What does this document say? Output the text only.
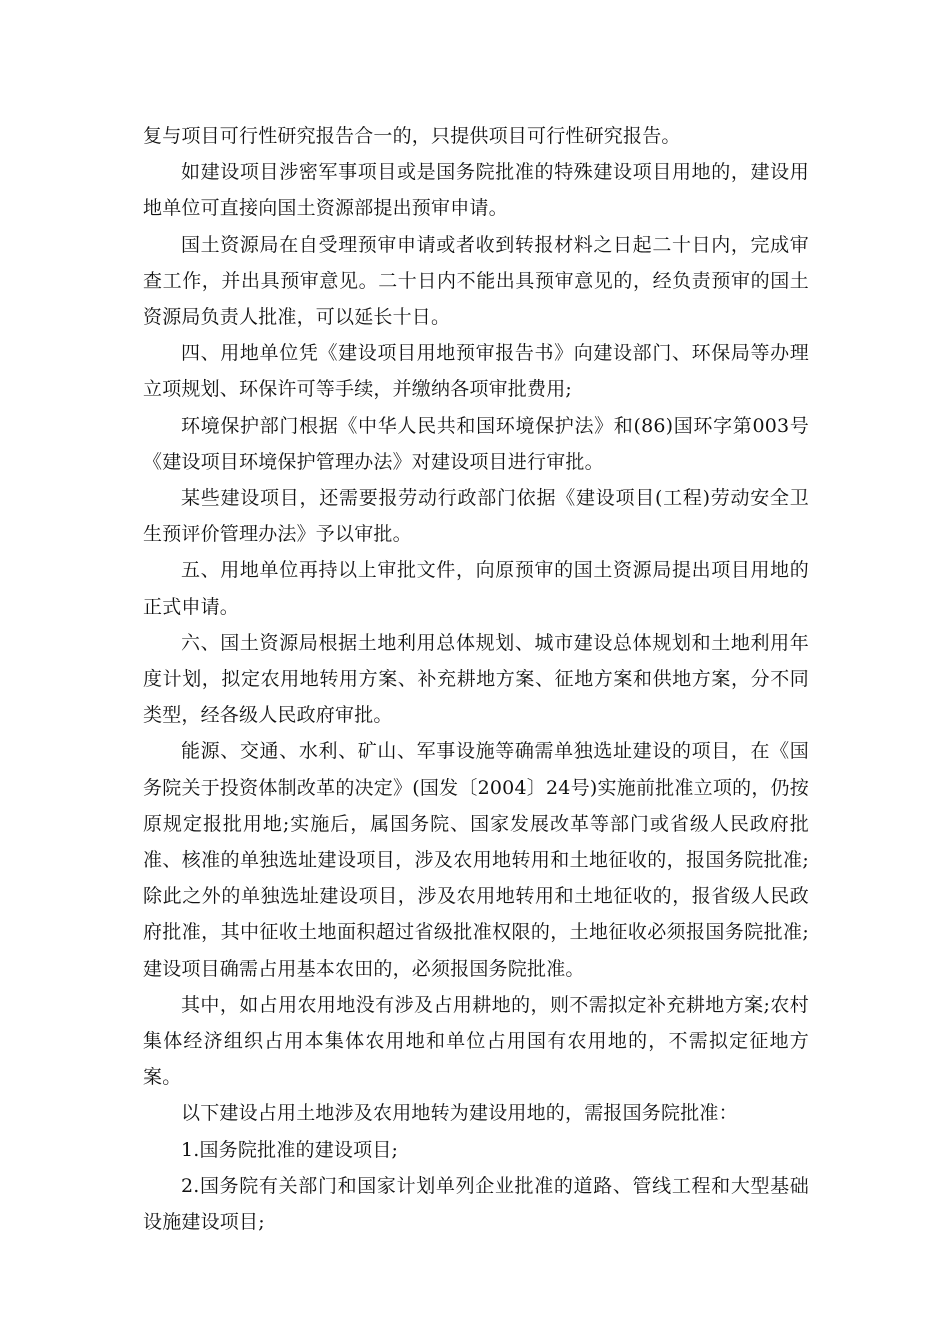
复与项目可行性研究报告合一的，只提供项目可行性研究报告。

如建设项目涉密军事项目或是国务院批准的特殊建设项目用地的，建设用地单位可直接向国土资源部提出预审申请。

国土资源局在自受理预审申请或者收到转报材料之日起二十日内，完成审查工作，并出具预审意见。二十日内不能出具预审意见的，经负责预审的国土资源局负责人批准，可以延长十日。

四、用地单位凭《建设项目用地预审报告书》向建设部门、环保局等办理立项规划、环保许可等手续，并缴纳各项审批费用;

环境保护部门根据《中华人民共和国环境保护法》和(86)国环字第003号《建设项目环境保护管理办法》对建设项目进行审批。

某些建设项目，还需要报劳动行政部门依据《建设项目(工程)劳动安全卫生预评价管理办法》予以审批。

五、用地单位再持以上审批文件，向原预审的国土资源局提出项目用地的正式申请。

六、国土资源局根据土地利用总体规划、城市建设总体规划和土地利用年度计划，拟定农用地转用方案、补充耕地方案、征地方案和供地方案，分不同类型，经各级人民政府审批。

能源、交通、水利、矿山、军事设施等确需单独选址建设的项目，在《国务院关于投资体制改革的决定》(国发〔2004〕24号)实施前批准立项的，仍按原规定报批用地;实施后，属国务院、国家发展改革等部门或省级人民政府批准、核准的单独选址建设项目，涉及农用地转用和土地征收的，报国务院批准;除此之外的单独选址建设项目，涉及农用地转用和土地征收的，报省级人民政府批准，其中征收土地面积超过省级批准权限的，土地征收必须报国务院批准;建设项目确需占用基本农田的，必须报国务院批准。

其中，如占用农用地没有涉及占用耕地的，则不需拟定补充耕地方案;农村集体经济组织占用本集体农用地和单位占用国有农用地的，不需拟定征地方案。

以下建设占用土地涉及农用地转为建设用地的，需报国务院批准：

1.国务院批准的建设项目;

2.国务院有关部门和国家计划单列企业批准的道路、管线工程和大型基础设施建设项目;
